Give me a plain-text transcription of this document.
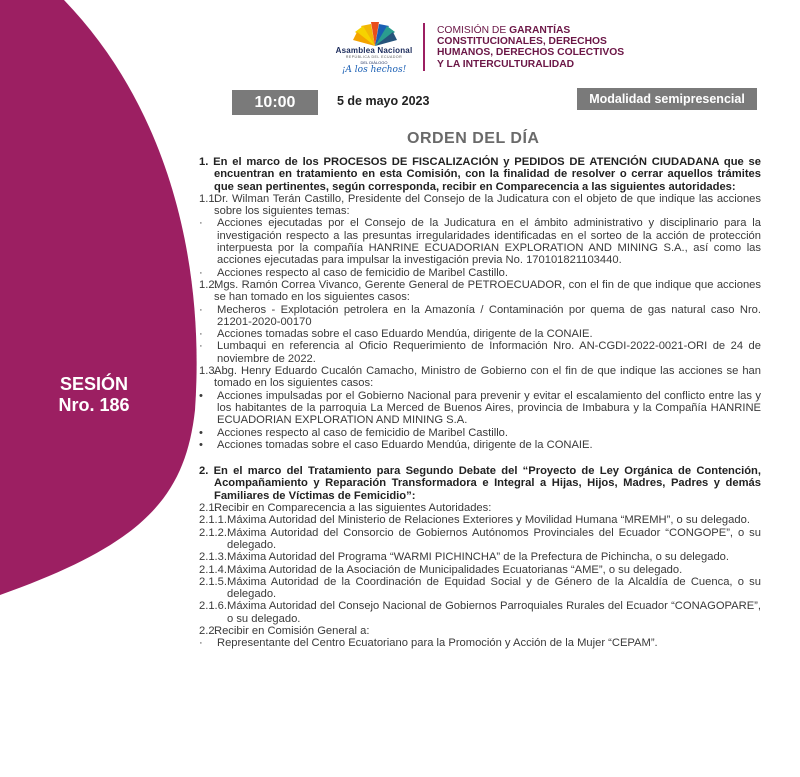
SESIÓN
Nro. 186
Asamblea Nacional
REPÚBLICA DEL ECUADOR
DEL DIÁLOGO
¡A los hechos!
COMISIÓN DE GARANTÍAS
CONSTITUCIONALES, DERECHOS
HUMANOS, DERECHOS COLECTIVOS
Y LA INTERCULTURALIDAD
10:00	5 de mayo 2023	Modalidad semipresencial
ORDEN DEL DÍA
1. En el marco de los PROCESOS DE FISCALIZACIÓN y PEDIDOS DE ATENCIÓN CIUDADANA que se encuentran en tratamiento en esta Comisión, con la finalidad de resolver o cerrar aquellos trámites que sean pertinentes, según corresponda, recibir en Comparecencia a las siguientes autoridades:
1.1.
Dr. Wilman Terán Castillo, Presidente del Consejo de la Judicatura con el objeto de que indique las acciones sobre los siguientes temas:
·	Acciones ejecutadas por el Consejo de la Judicatura en el ámbito administrativo y disciplinario para la investigación respecto a las presuntas irregularidades identificadas en el sorteo de la acción de protección interpuesta por la compañía HANRINE ECUADORIAN EXPLORATION AND MINING S.A., así como las acciones ejecutadas para impulsar la investigación previa No. 170101821103440.
·	Acciones respecto al caso de femicidio de Maribel Castillo.
1.2.
Mgs. Ramón Correa Vivanco, Gerente General de PETROECUADOR, con el fin de que indique que acciones se han tomado en los siguientes casos:
·	Mecheros - Explotación petrolera en la Amazonía / Contaminación por quema de gas natural caso Nro. 21201-2020-00170
·	Acciones tomadas sobre el caso Eduardo Mendúa, dirigente de la CONAIE.
·	Lumbaqui en referencia al Oficio Requerimiento de Información Nro. AN-CGDI-2022-0021-ORI de 24 de noviembre de 2022.
1.3.
Abg. Henry Eduardo Cucalón Camacho, Ministro de Gobierno con el fin de que indique las acciones se han tomado en los siguientes casos:
•	Acciones impulsadas por el Gobierno Nacional para prevenir y evitar el escalamiento del conflicto entre las y los habitantes de la parroquia La Merced de Buenos Aires, provincia de Imbabura y la Compañía HANRINE ECUADORIAN EXPLORATION AND MINING S.A.
•	Acciones respecto al caso de femicidio de Maribel Castillo.
•	Acciones tomadas sobre el caso Eduardo Mendúa, dirigente de la CONAIE.
2. En el marco del Tratamiento para Segundo Debate del “Proyecto de Ley Orgánica de Contención, Acompañamiento y Reparación Transformadora e Integral a Hijas, Hijos, Madres, Padres y demás Familiares de Víctimas de Femicidio”:
2.1.
Recibir en Comparecencia a las siguientes Autoridades:
2.1.1. Máxima Autoridad del Ministerio de Relaciones Exteriores y Movilidad Humana “MREMH”, o su delegado.
2.1.2. Máxima Autoridad del Consorcio de Gobiernos Autónomos Provinciales del Ecuador “CONGOPE”, o su delegado.
2.1.3. Máxima Autoridad del Programa “WARMI PICHINCHA” de la Prefectura de Pichincha, o su delegado.
2.1.4. Máxima Autoridad de la Asociación de Municipalidades Ecuatorianas “AME”, o su delegado.
2.1.5. Máxima Autoridad de la Coordinación de Equidad Social y de Género de la Alcaldía de Cuenca, o su delegado.
2.1.6. Máxima Autoridad del Consejo Nacional de Gobiernos Parroquiales Rurales del Ecuador “CONAGOPARE”, o su delegado.
2.2.
Recibir en Comisión General a:
·	Representante del Centro Ecuatoriano para la Promoción y Acción de la Mujer “CEPAM”.
